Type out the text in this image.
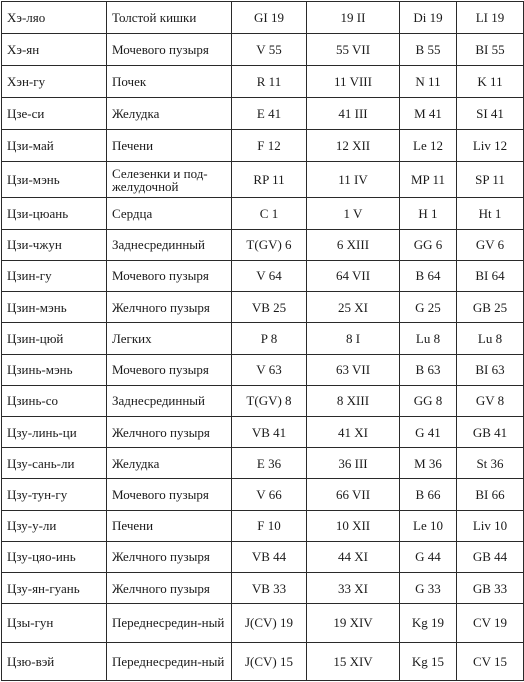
Хэ-ляо	Толстой кишки	GI 19	19 II	Di 19	LI 19
Хэ-ян	Мочевого пузыря	V 55	55 VII	B 55	BI 55
Хэн-гу	Почек	R 11	11 VIII	N 11	K 11
Цзе-си	Желудка	E 41	41 III	M 41	SI 41
Цзи-май	Печени	F 12	12 XII	Le 12	Liv 12
Цзи-мэнь	Селезенки и под-желудочной	RP 11	11 IV	MP 11	SP 11
Цзи-цюань	Сердца	C 1	1 V	H 1	Ht 1
Цзи-чжун	Заднесрединный	T(GV) 6	6 XIII	GG 6	GV 6
Цзин-гу	Мочевого пузыря	V 64	64 VII	B 64	BI 64
Цзин-мэнь	Желчного пузыря	VB 25	25 XI	G 25	GB 25
Цзин-цюй	Легких	P 8	8 I	Lu 8	Lu 8
Цзинь-мэнь	Мочевого пузыря	V 63	63 VII	B 63	BI 63
Цзинь-со	Заднесрединный	T(GV) 8	8 XIII	GG 8	GV 8
Цзу-линь-ци	Желчного пузыря	VB 41	41 XI	G 41	GB 41
Цзу-сань-ли	Желудка	E 36	36 III	M 36	St 36
Цзу-тун-гу	Мочевого пузыря	V 66	66 VII	B 66	BI 66
Цзу-у-ли	Печени	F 10	10 XII	Le 10	Liv 10
Цзу-цяо-инь	Желчного пузыря	VB 44	44 XI	G 44	GB 44
Цзу-ян-гуань	Желчного пузыря	VB 33	33 XI	G 33	GB 33
Цзы-гун	Переднесредин-ный	J(CV) 19	19 XIV	Kg 19	CV 19
Цзю-вэй	Переднесредин-ный	J(CV) 15	15 XIV	Kg 15	CV 15
